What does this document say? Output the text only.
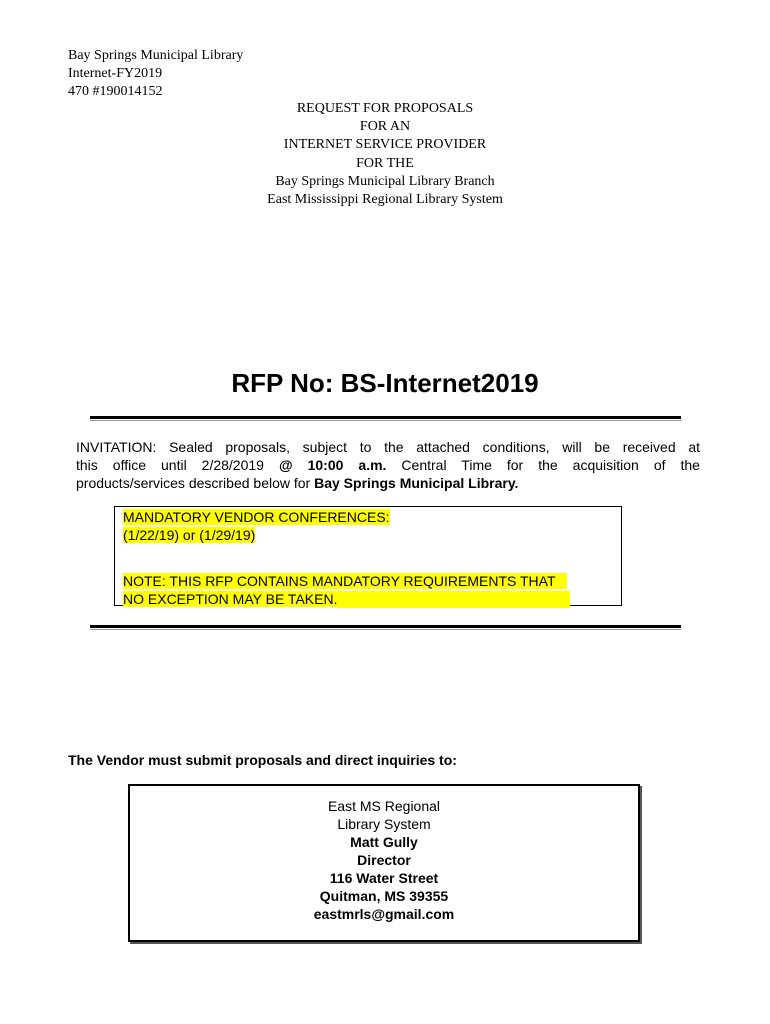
Bay Springs Municipal Library
Internet-FY2019
470 #190014152
REQUEST FOR PROPOSALS
FOR AN
INTERNET SERVICE PROVIDER
FOR THE
Bay Springs Municipal Library Branch
East Mississippi Regional Library System
RFP No: BS-Internet2019
INVITATION: Sealed proposals, subject to the attached conditions, will be received at
this office until 2/28/2019 @ 10:00 a.m. Central Time for the acquisition of the
products/services described below for Bay Springs Municipal Library.
MANDATORY VENDOR CONFERENCES:
(1/22/19) or (1/29/19)
NOTE: THIS RFP CONTAINS MANDATORY REQUIREMENTS THAT
NO EXCEPTION MAY BE TAKEN.
The Vendor must submit proposals and direct inquiries to:
East MS Regional
Library System
Matt Gully
Director
116 Water Street
Quitman, MS 39355
eastmrls@gmail.com
